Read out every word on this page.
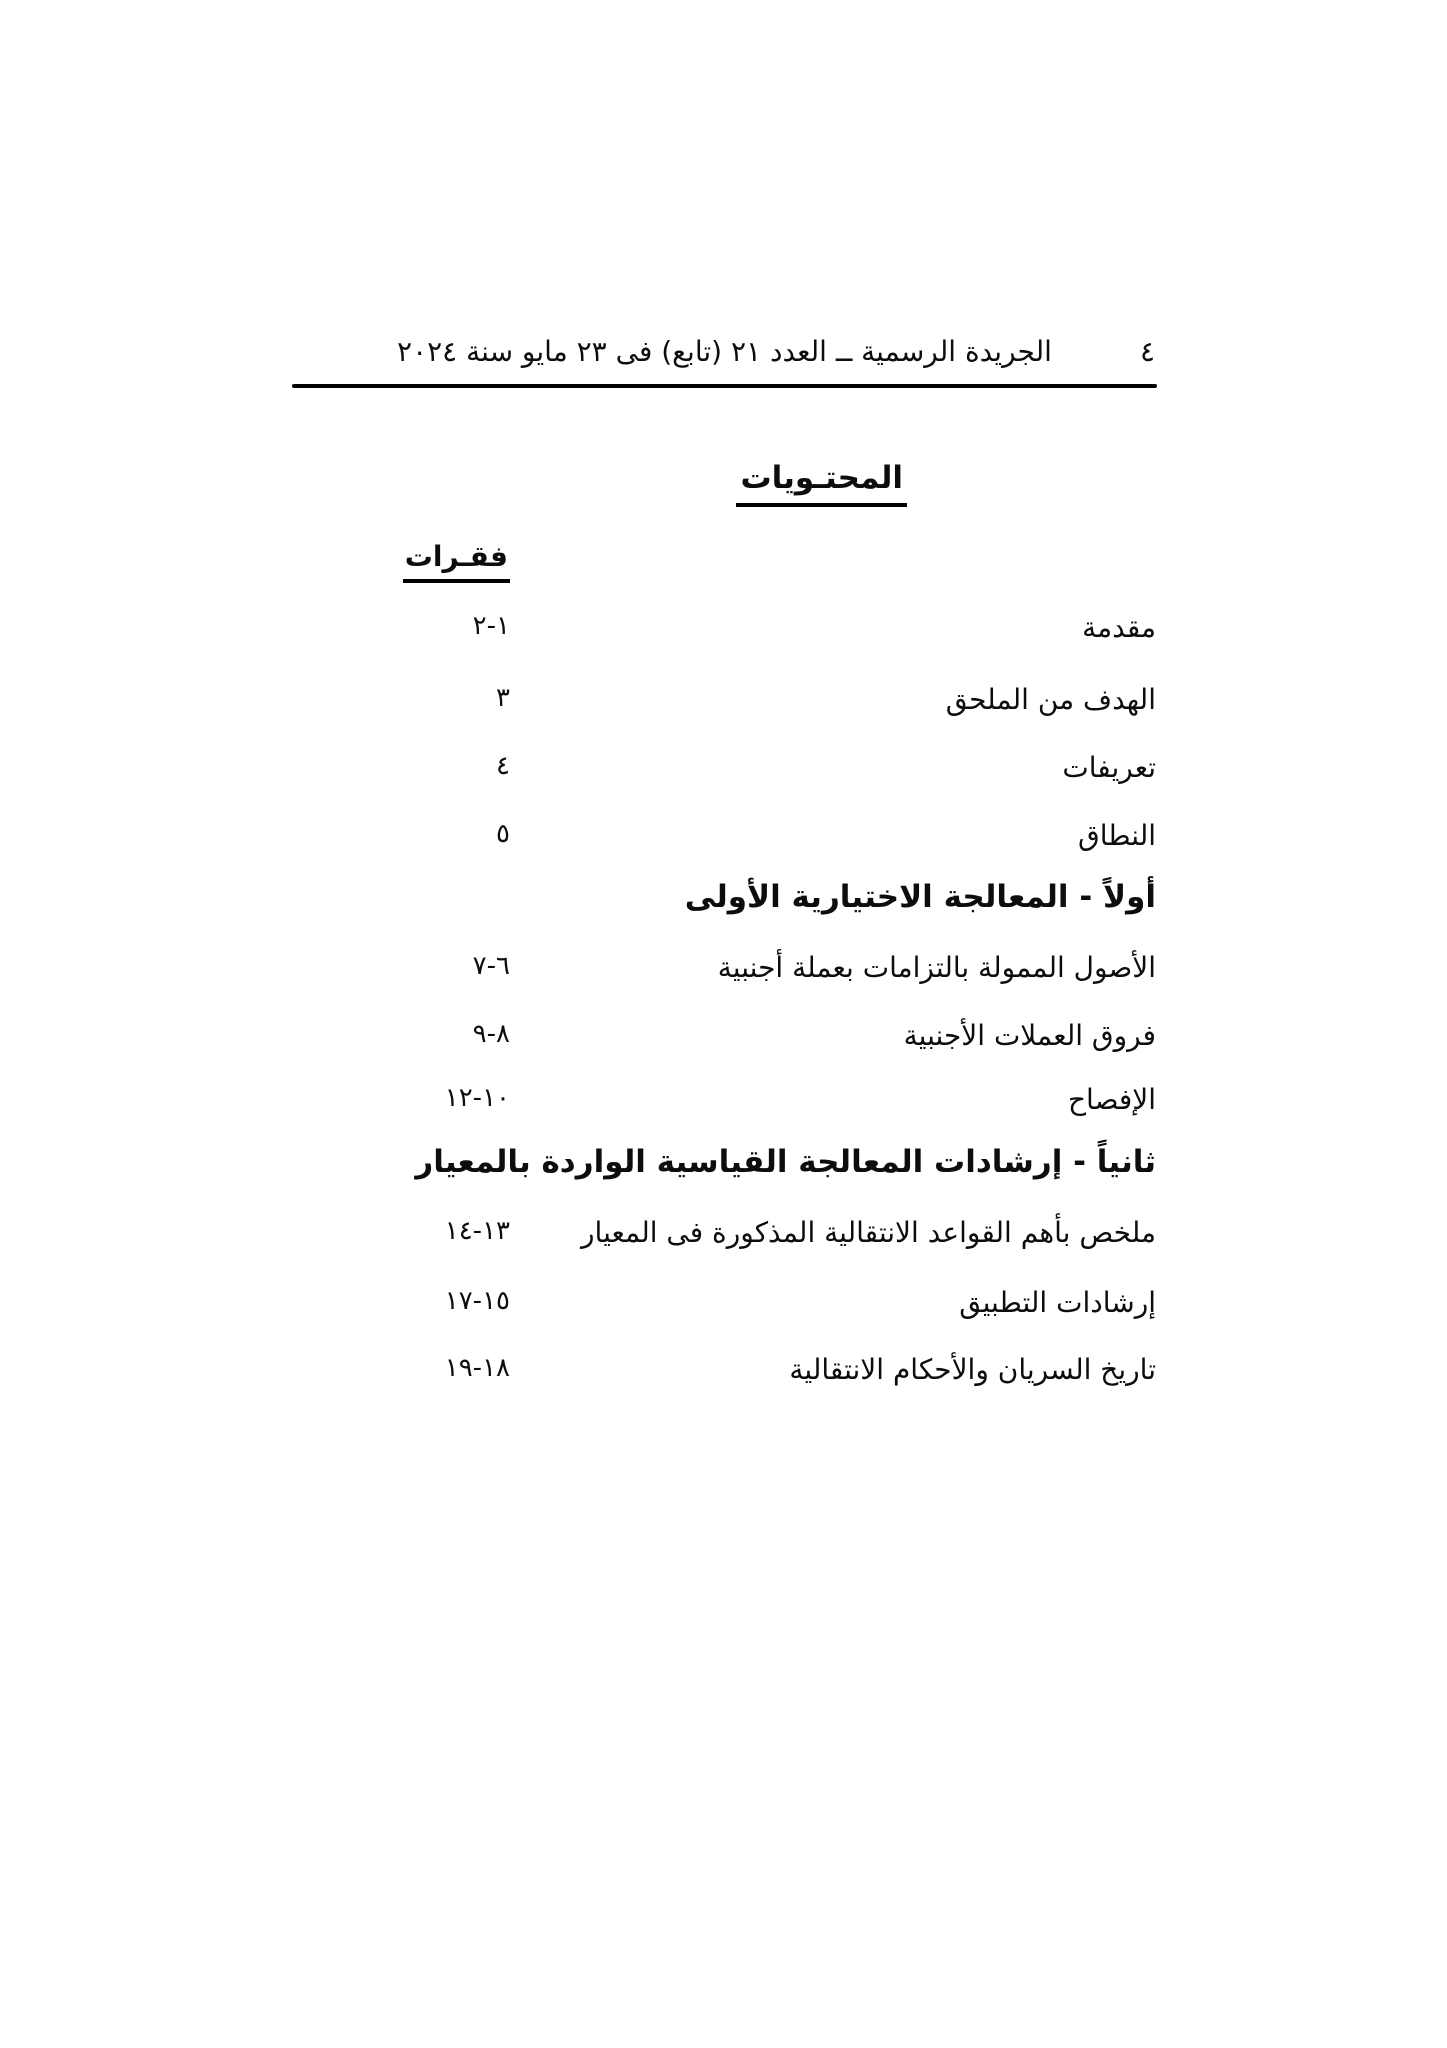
الجريدة الرسمية ــ العدد ٢١ (تابع) فى ٢٣ مايو سنة ٢٠٢٤	٤
المحتـويات
فقـرات
مقدمة
١-٢
الهدف من الملحق
٣
تعريفات
٤
النطاق
٥
أولاً - المعالجة الاختيارية الأولى
الأصول الممولة بالتزامات بعملة أجنبية
٦-٧
فروق العملات الأجنبية
٨-٩
الإفصاح
١٠-١٢
ثانياً - إرشادات المعالجة القياسية الواردة بالمعيار
ملخص بأهم القواعد الانتقالية المذكورة فى المعيار
١٣-١٤
إرشادات التطبيق
١٥-١٧
تاريخ السريان والأحكام الانتقالية
١٨-١٩
